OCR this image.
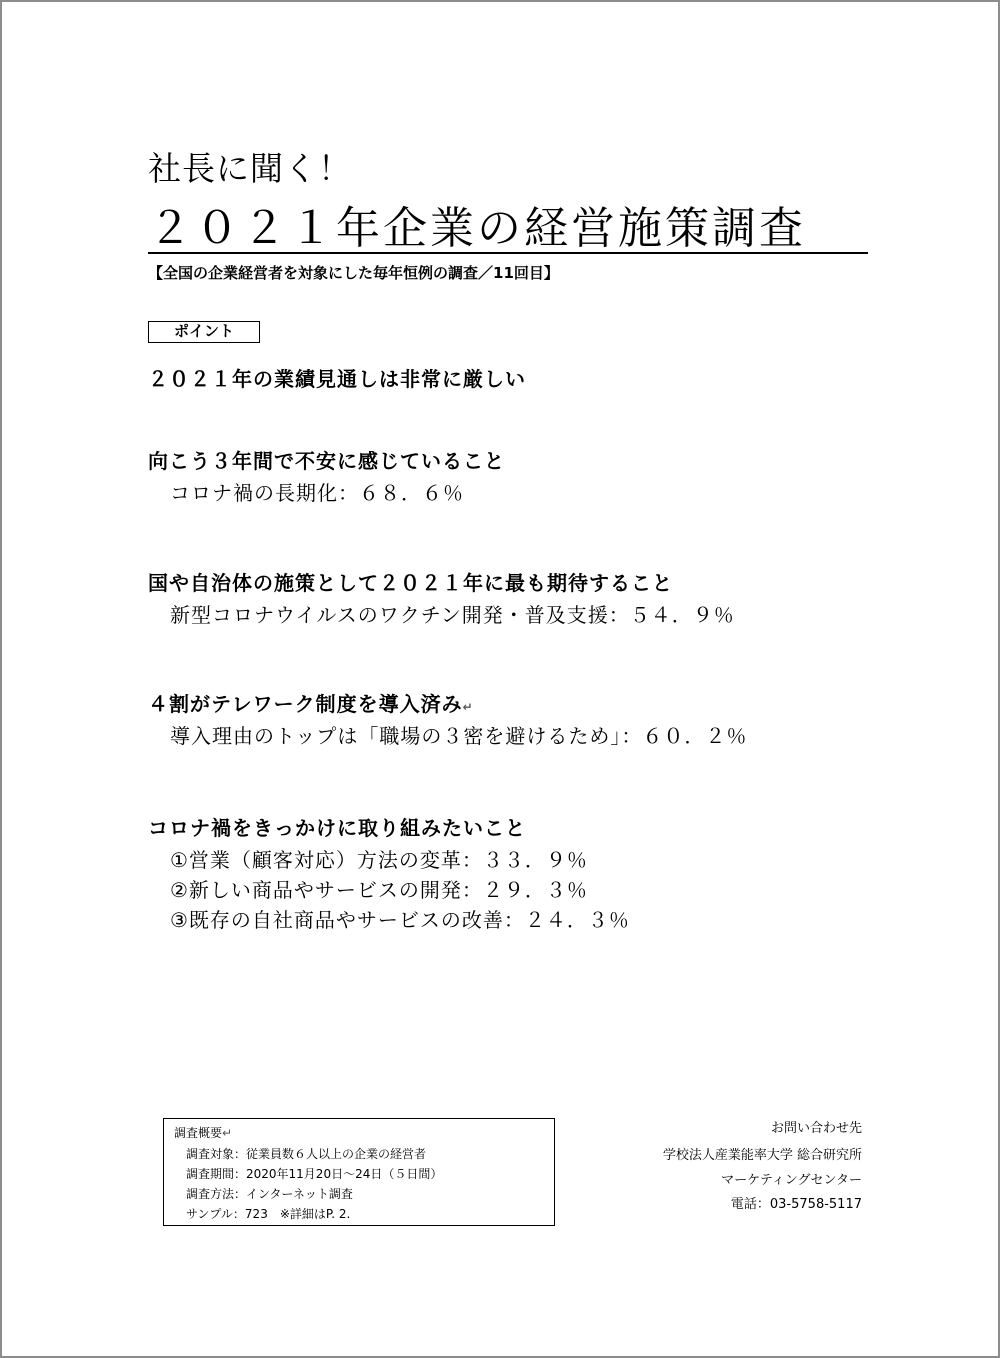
社長に聞く！
２０２１年企業の経営施策調査
【全国の企業経営者を対象にした毎年恒例の調査／11回目】
ポイント
２０２１年の業績見通しは非常に厳しい
向こう３年間で不安に感じていること
コロナ禍の長期化：６８．６％
国や自治体の施策として２０２１年に最も期待すること
新型コロナウイルスのワクチン開発・普及支援：５４．９％
４割がテレワーク制度を導入済み↵
導入理由のトップは「職場の３密を避けるため」：６０．２％
コロナ禍をきっかけに取り組みたいこと
①営業（顧客対応）方法の変革：３３．９％
②新しい商品やサービスの開発：２９．３％
③既存の自社商品やサービスの改善：２４．３％
調査概要↵
調査対象：従業員数６人以上の企業の経営者
調査期間：2020年11月20日～24日（５日間）
調査方法：インターネット調査
サンプル：723　※詳細はP. 2.
お問い合わせ先
学校法人産業能率大学 総合研究所
マーケティングセンター
電話：03-5758-5117
